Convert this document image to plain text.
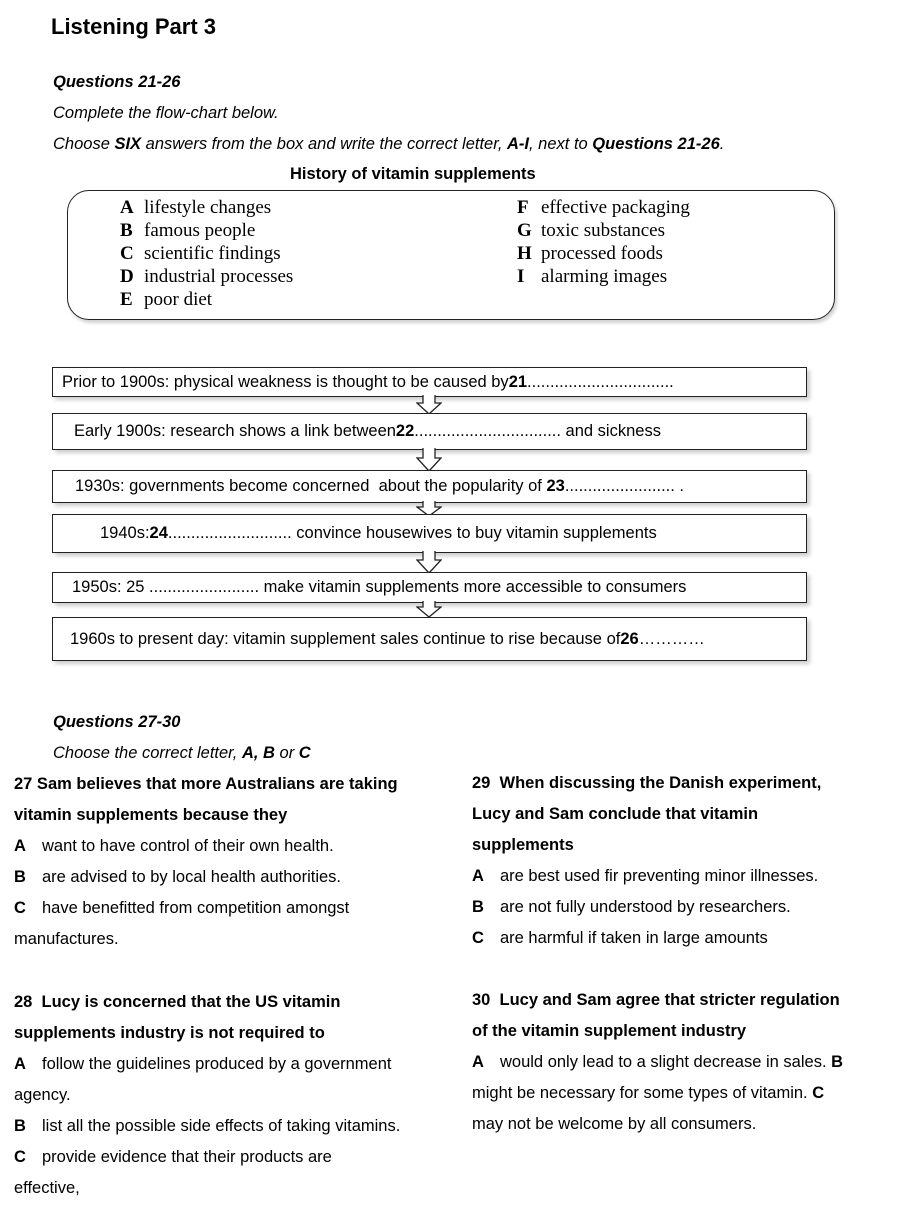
Listening Part 3
Questions 21-26
Complete the flow-chart below.
Choose SIX answers from the box and write the correct letter, A-I, next to Questions 21-26.
History of vitamin supplements
A lifestyle changes
B famous people
C scientific findings
D industrial processes
E poor diet
F effective packaging
G toxic substances
H processed foods
I alarming images
Prior to 1900s: physical weakness is thought to be caused by 21 ................................
Early 1900s: research shows a link between 22 ................................ and sickness
1930s: governments become concerned  about the popularity of 23 ........................ .
1940s: 24 ........................... convince housewives to buy vitamin supplements
1950s: 25 ........................ make vitamin supplements more accessible to consumers
1960s to present day: vitamin supplement sales continue to rise because of 26 …………
Questions 27-30
Choose the correct letter, A, B or C
27 Sam believes that more Australians are taking
vitamin supplements because they
A want to have control of their own health.
B are advised to by local health authorities.
C have benefitted from competition amongst
manufactures.
28  Lucy is concerned that the US vitamin
supplements industry is not required to
A follow the guidelines produced by a government
agency.
B list all the possible side effects of taking vitamins.
C provide evidence that their products are
effective,
29  When discussing the Danish experiment,
Lucy and Sam conclude that vitamin
supplements
A are best used fir preventing minor illnesses.
B are not fully understood by researchers.
C are harmful if taken in large amounts
30  Lucy and Sam agree that stricter regulation
of the vitamin supplement industry
A would only lead to a slight decrease in sales. B
might be necessary for some types of vitamin. C
may not be welcome by all consumers.
